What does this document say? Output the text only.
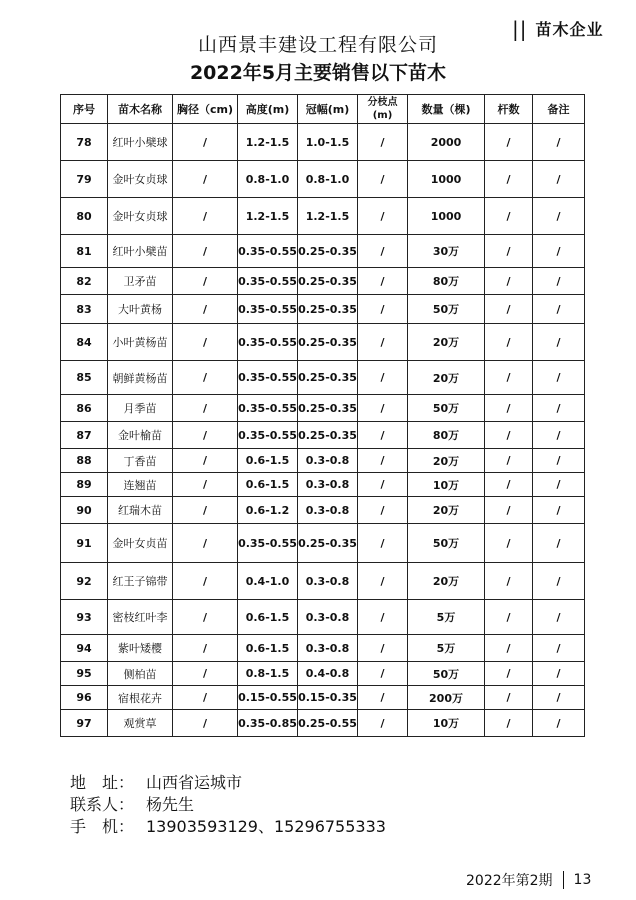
|| 苗木企业
山西景丰建设工程有限公司
2022年5月主要销售以下苗木
序号	苗木名称	胸径（cm)	高度(m)	冠幅(m)	分枝点(m)	数量（棵)	杆数	备注
78	红叶小檗球	/	1.2-1.5	1.0-1.5	/	2000	/	/
79	金叶女贞球	/	0.8-1.0	0.8-1.0	/	1000	/	/
80	金叶女贞球	/	1.2-1.5	1.2-1.5	/	1000	/	/
81	红叶小檗苗	/	0.35-0.55	0.25-0.35	/	30万	/	/
82	卫矛苗	/	0.35-0.55	0.25-0.35	/	80万	/	/
83	大叶黄杨	/	0.35-0.55	0.25-0.35	/	50万	/	/
84	小叶黄杨苗	/	0.35-0.55	0.25-0.35	/	20万	/	/
85	朝鲜黄杨苗	/	0.35-0.55	0.25-0.35	/	20万	/	/
86	月季苗	/	0.35-0.55	0.25-0.35	/	50万	/	/
87	金叶榆苗	/	0.35-0.55	0.25-0.35	/	80万	/	/
88	丁香苗	/	0.6-1.5	0.3-0.8	/	20万	/	/
89	连翘苗	/	0.6-1.5	0.3-0.8	/	10万	/	/
90	红瑞木苗	/	0.6-1.2	0.3-0.8	/	20万	/	/
91	金叶女贞苗	/	0.35-0.55	0.25-0.35	/	50万	/	/
92	红王子锦带	/	0.4-1.0	0.3-0.8	/	20万	/	/
93	密枝红叶李	/	0.6-1.5	0.3-0.8	/	5万	/	/
94	紫叶矮樱	/	0.6-1.5	0.3-0.8	/	5万	/	/
95	侧柏苗	/	0.8-1.5	0.4-0.8	/	50万	/	/
96	宿根花卉	/	0.15-0.55	0.15-0.35	/	200万	/	/
97	观赏草	/	0.35-0.85	0.25-0.55	/	10万	/	/
地　址： 山西省运城市
联系人： 杨先生
手　机： 13903593129、15296755333
2022年第2期 13
